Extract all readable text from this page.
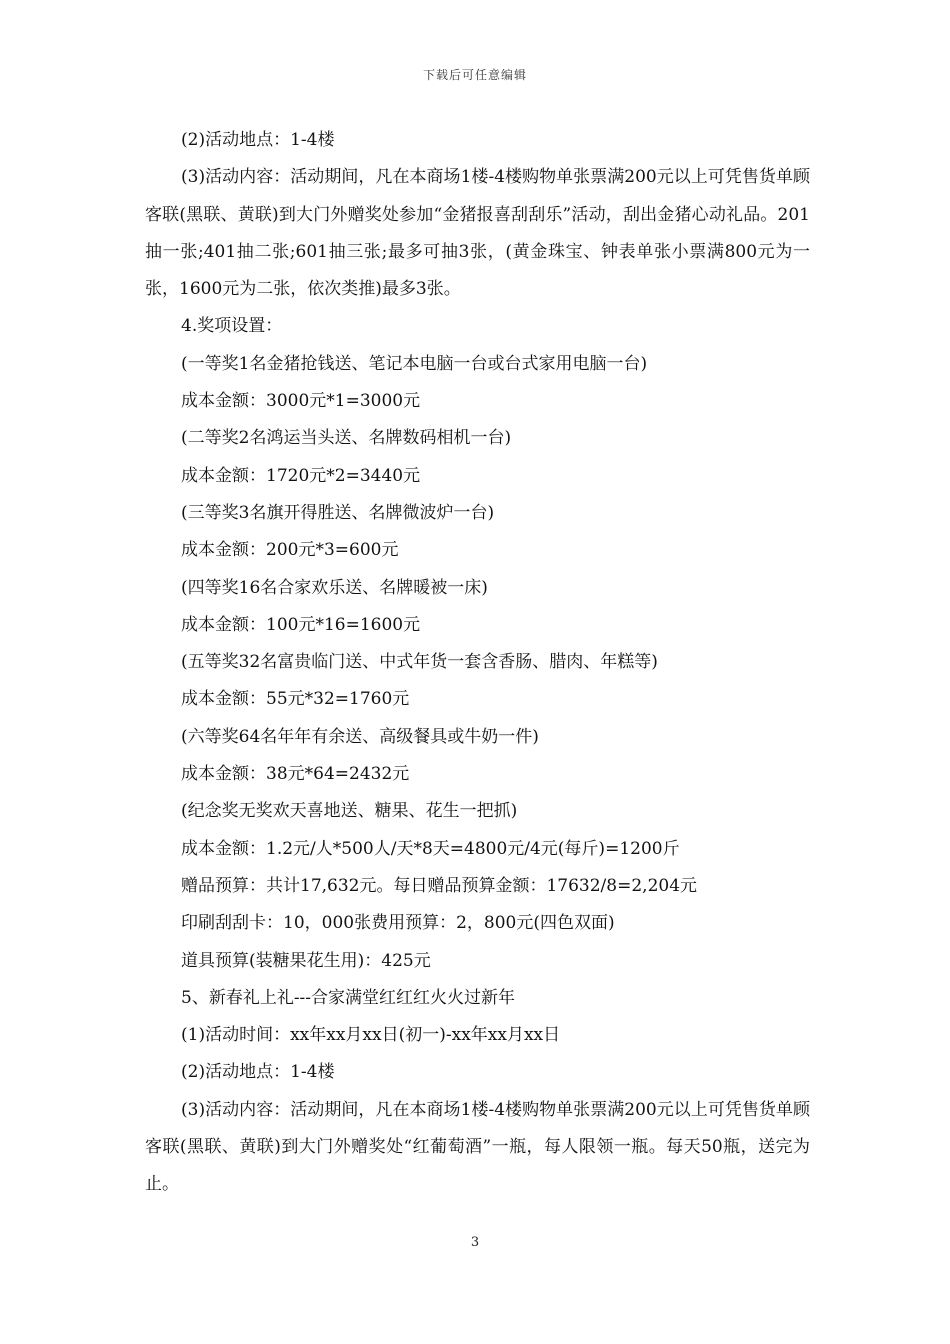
下载后可任意编辑

(2)活动地点：1-4楼

(3)活动内容：活动期间，凡在本商场1楼-4楼购物单张票满200元以上可凭售货单顾客联(黑联、黄联)到大门外赠奖处参加“金猪报喜刮刮乐”活动，刮出金猪心动礼品。201抽一张;401抽二张;601抽三张;最多可抽3张，(黄金珠宝、钟表单张小票满800元为一张，1600元为二张，依次类推)最多3张。

4.奖项设置：

(一等奖1名金猪抢钱送、笔记本电脑一台或台式家用电脑一台)

成本金额：3000元*1=3000元

(二等奖2名鸿运当头送、名牌数码相机一台)

成本金额：1720元*2=3440元

(三等奖3名旗开得胜送、名牌微波炉一台)

成本金额：200元*3=600元

(四等奖16名合家欢乐送、名牌暖被一床)

成本金额：100元*16=1600元

(五等奖32名富贵临门送、中式年货一套含香肠、腊肉、年糕等)

成本金额：55元*32=1760元

(六等奖64名年年有余送、高级餐具或牛奶一件)

成本金额：38元*64=2432元

(纪念奖无奖欢天喜地送、糖果、花生一把抓)

成本金额：1.2元/人*500人/天*8天=4800元/4元(每斤)=1200斤

赠品预算：共计17,632元。每日赠品预算金额：17632/8=2,204元

印刷刮刮卡：10，000张费用预算：2，800元(四色双面)

道具预算(装糖果花生用)：425元

5、新春礼上礼---合家满堂红红红火火过新年

(1)活动时间：xx年xx月xx日(初一)-xx年xx月xx日

(2)活动地点：1-4楼

(3)活动内容：活动期间，凡在本商场1楼-4楼购物单张票满200元以上可凭售货单顾客联(黑联、黄联)到大门外赠奖处“红葡萄酒”一瓶，每人限领一瓶。每天50瓶，送完为止。

3
